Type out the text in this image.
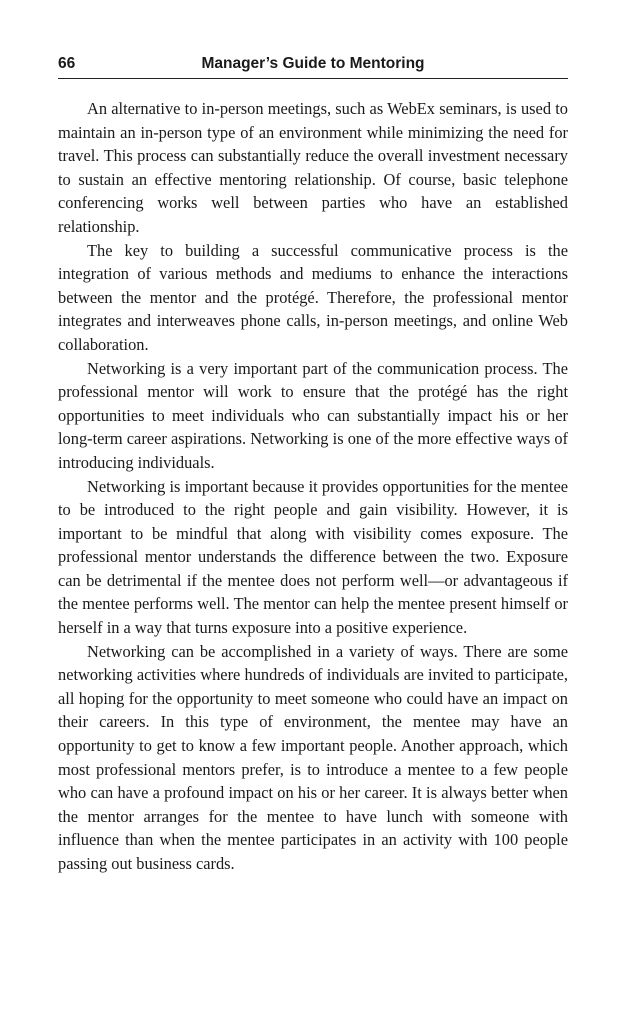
66	Manager’s Guide to Mentoring

An alternative to in-person meetings, such as WebEx seminars, is used to maintain an in-person type of an environment while minimizing the need for travel. This process can substantially reduce the overall investment necessary to sustain an effective mentoring relationship. Of course, basic telephone conferencing works well between parties who have an established relationship.

The key to building a successful communicative process is the integration of various methods and mediums to enhance the interactions between the mentor and the protégé. Therefore, the professional mentor integrates and interweaves phone calls, in-person meetings, and online Web collaboration.

Networking is a very important part of the communication process. The professional mentor will work to ensure that the protégé has the right opportunities to meet individuals who can substantially impact his or her long-term career aspirations. Networking is one of the more effective ways of introducing individuals.

Networking is important because it provides opportunities for the mentee to be introduced to the right people and gain visibility. However, it is important to be mindful that along with visibility comes exposure. The professional mentor understands the difference between the two. Exposure can be detrimental if the mentee does not perform well—or advantageous if the mentee performs well. The mentor can help the mentee present himself or herself in a way that turns exposure into a positive experience.

Networking can be accomplished in a variety of ways. There are some networking activities where hundreds of individuals are invited to participate, all hoping for the opportunity to meet someone who could have an impact on their careers. In this type of environment, the mentee may have an opportunity to get to know a few important people. Another approach, which most professional mentors prefer, is to introduce a mentee to a few people who can have a profound impact on his or her career. It is always better when the mentor arranges for the mentee to have lunch with someone with influence than when the mentee participates in an activity with 100 people passing out business cards.
